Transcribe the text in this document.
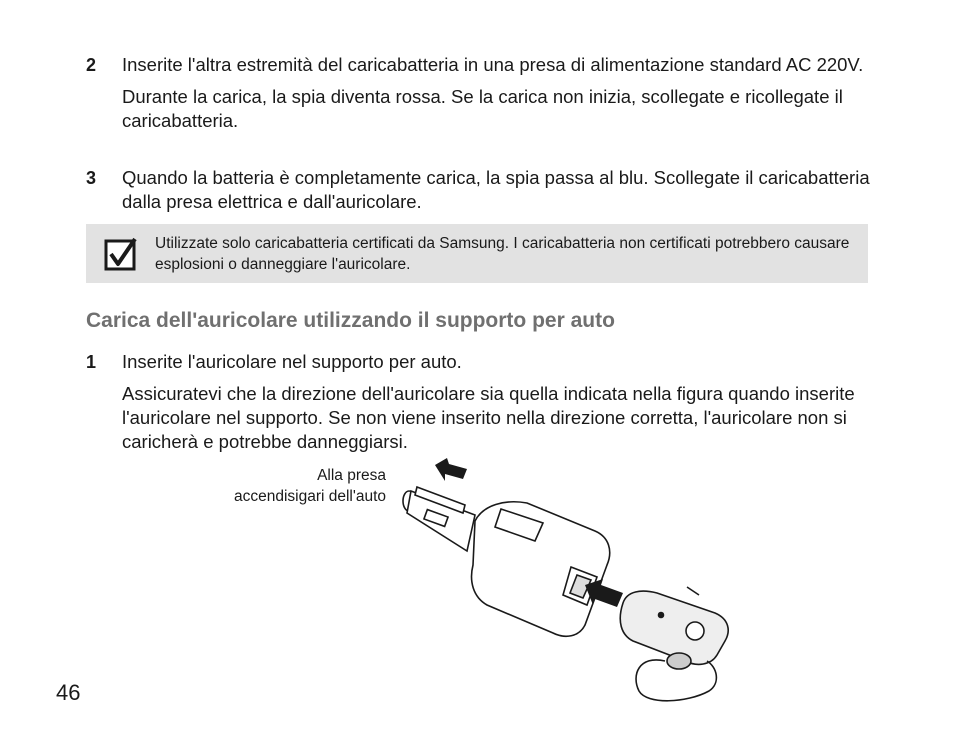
2 Inserite l'altra estremità del caricabatteria in una presa di alimentazione standard AC 220V.

Durante la carica, la spia diventa rossa. Se la carica non inizia, scollegate e ricollegate il caricabatteria.

3 Quando la batteria è completamente carica, la spia passa al blu. Scollegate il caricabatteria dalla presa elettrica e dall'auricolare.

Utilizzate solo caricabatteria certificati da Samsung. I caricabatteria non certificati potrebbero causare esplosioni o danneggiare l'auricolare.
Carica dell'auricolare utilizzando il supporto per auto
1 Inserite l'auricolare nel supporto per auto.

Assicuratevi che la direzione dell'auricolare sia quella indicata nella figura quando inserite l'auricolare nel supporto. Se non viene inserito nella direzione corretta, l'auricolare non si caricherà e potrebbe danneggiarsi.

Alla presa
accendisigari dell'auto
46
